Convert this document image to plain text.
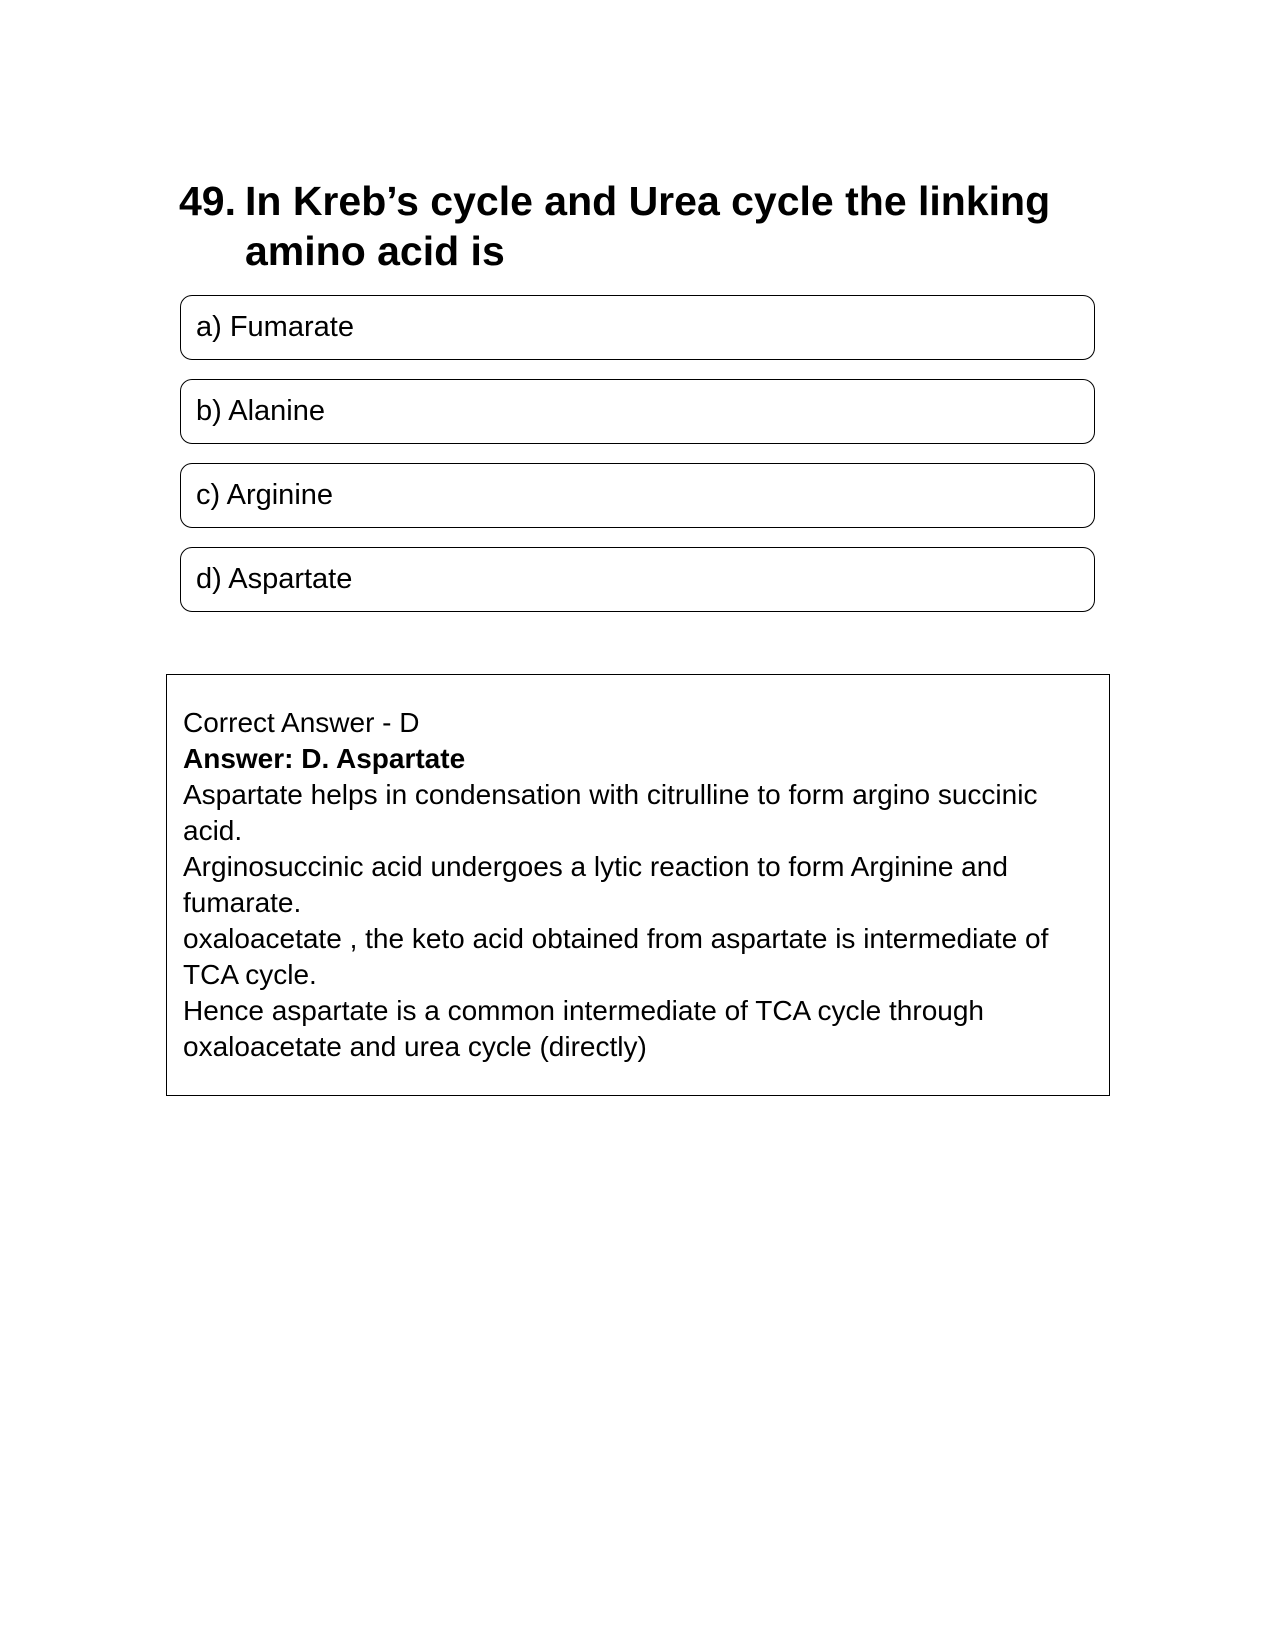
49. In Kreb’s cycle and Urea cycle the linking amino acid is
a) Fumarate
b) Alanine
c) Arginine
d) Aspartate

Correct Answer - D

Answer: D. Aspartate

Aspartate helps in condensation with citrulline to form argino succinic acid.

Arginosuccinic acid undergoes a lytic reaction to form Arginine and fumarate.

oxaloacetate , the keto acid obtained from aspartate is intermediate of TCA cycle.

Hence aspartate is a common intermediate of TCA cycle through oxaloacetate and urea cycle (directly)
